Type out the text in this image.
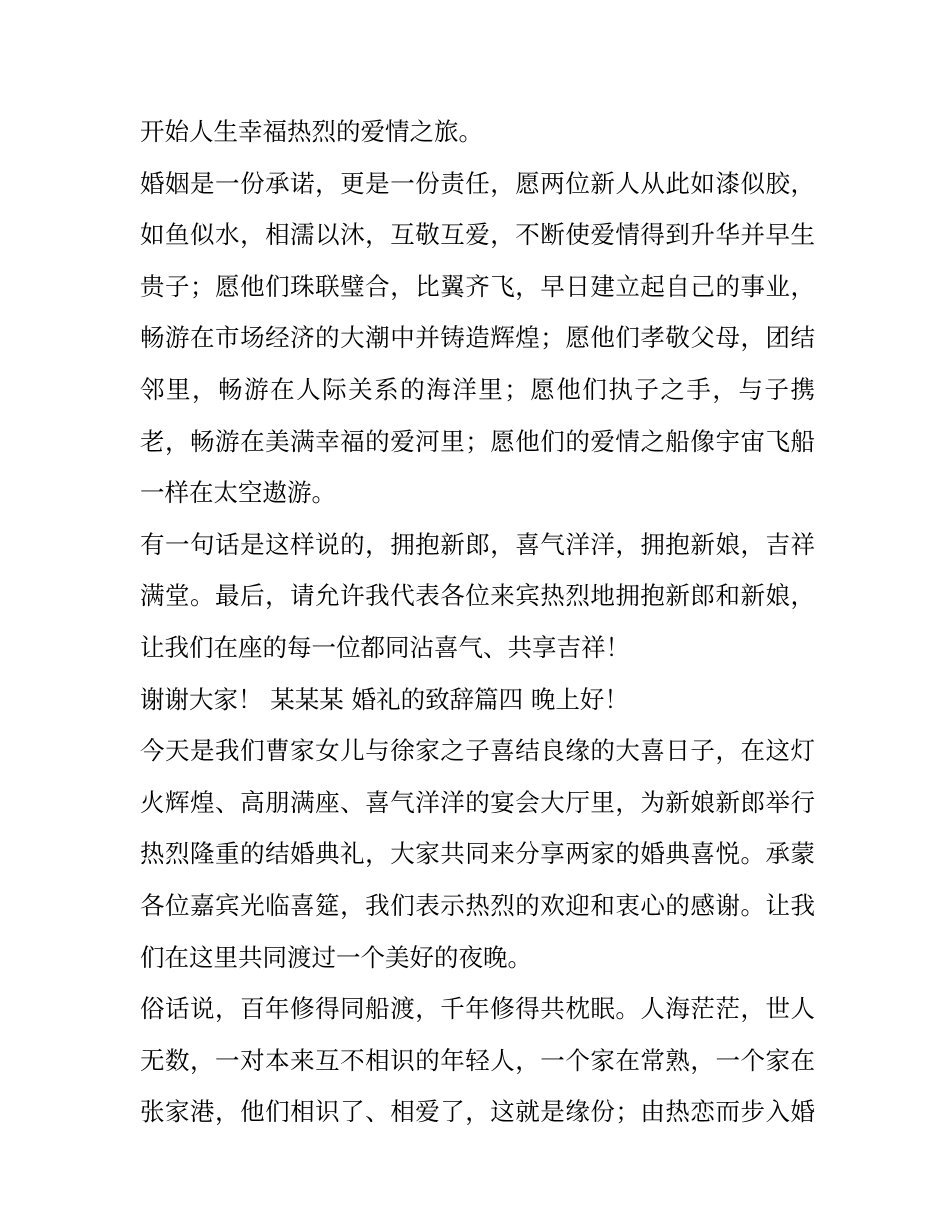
开始人生幸福热烈的爱情之旅。
婚姻是一份承诺，更是一份责任，愿两位新人从此如漆似胶，
如鱼似水，相濡以沐，互敬互爱，不断使爱情得到升华并早生
贵子；愿他们珠联璧合，比翼齐飞，早日建立起自己的事业，
畅游在市场经济的大潮中并铸造辉煌；愿他们孝敬父母，团结
邻里，畅游在人际关系的海洋里；愿他们执子之手，与子携
老，畅游在美满幸福的爱河里；愿他们的爱情之船像宇宙飞船
一样在太空遨游。
有一句话是这样说的，拥抱新郎，喜气洋洋，拥抱新娘，吉祥
满堂。最后，请允许我代表各位来宾热烈地拥抱新郎和新娘，
让我们在座的每一位都同沾喜气、共享吉祥！
谢谢大家！ 某某某 婚礼的致辞篇四 晚上好！
今天是我们曹家女儿与徐家之子喜结良缘的大喜日子，在这灯
火辉煌、高朋满座、喜气洋洋的宴会大厅里，为新娘新郎举行
热烈隆重的结婚典礼，大家共同来分享两家的婚典喜悦。承蒙
各位嘉宾光临喜筵，我们表示热烈的欢迎和衷心的感谢。让我
们在这里共同渡过一个美好的夜晚。
俗话说，百年修得同船渡，千年修得共枕眠。人海茫茫，世人
无数，一对本来互不相识的年轻人，一个家在常熟，一个家在
张家港，他们相识了、相爱了，这就是缘份；由热恋而步入婚
